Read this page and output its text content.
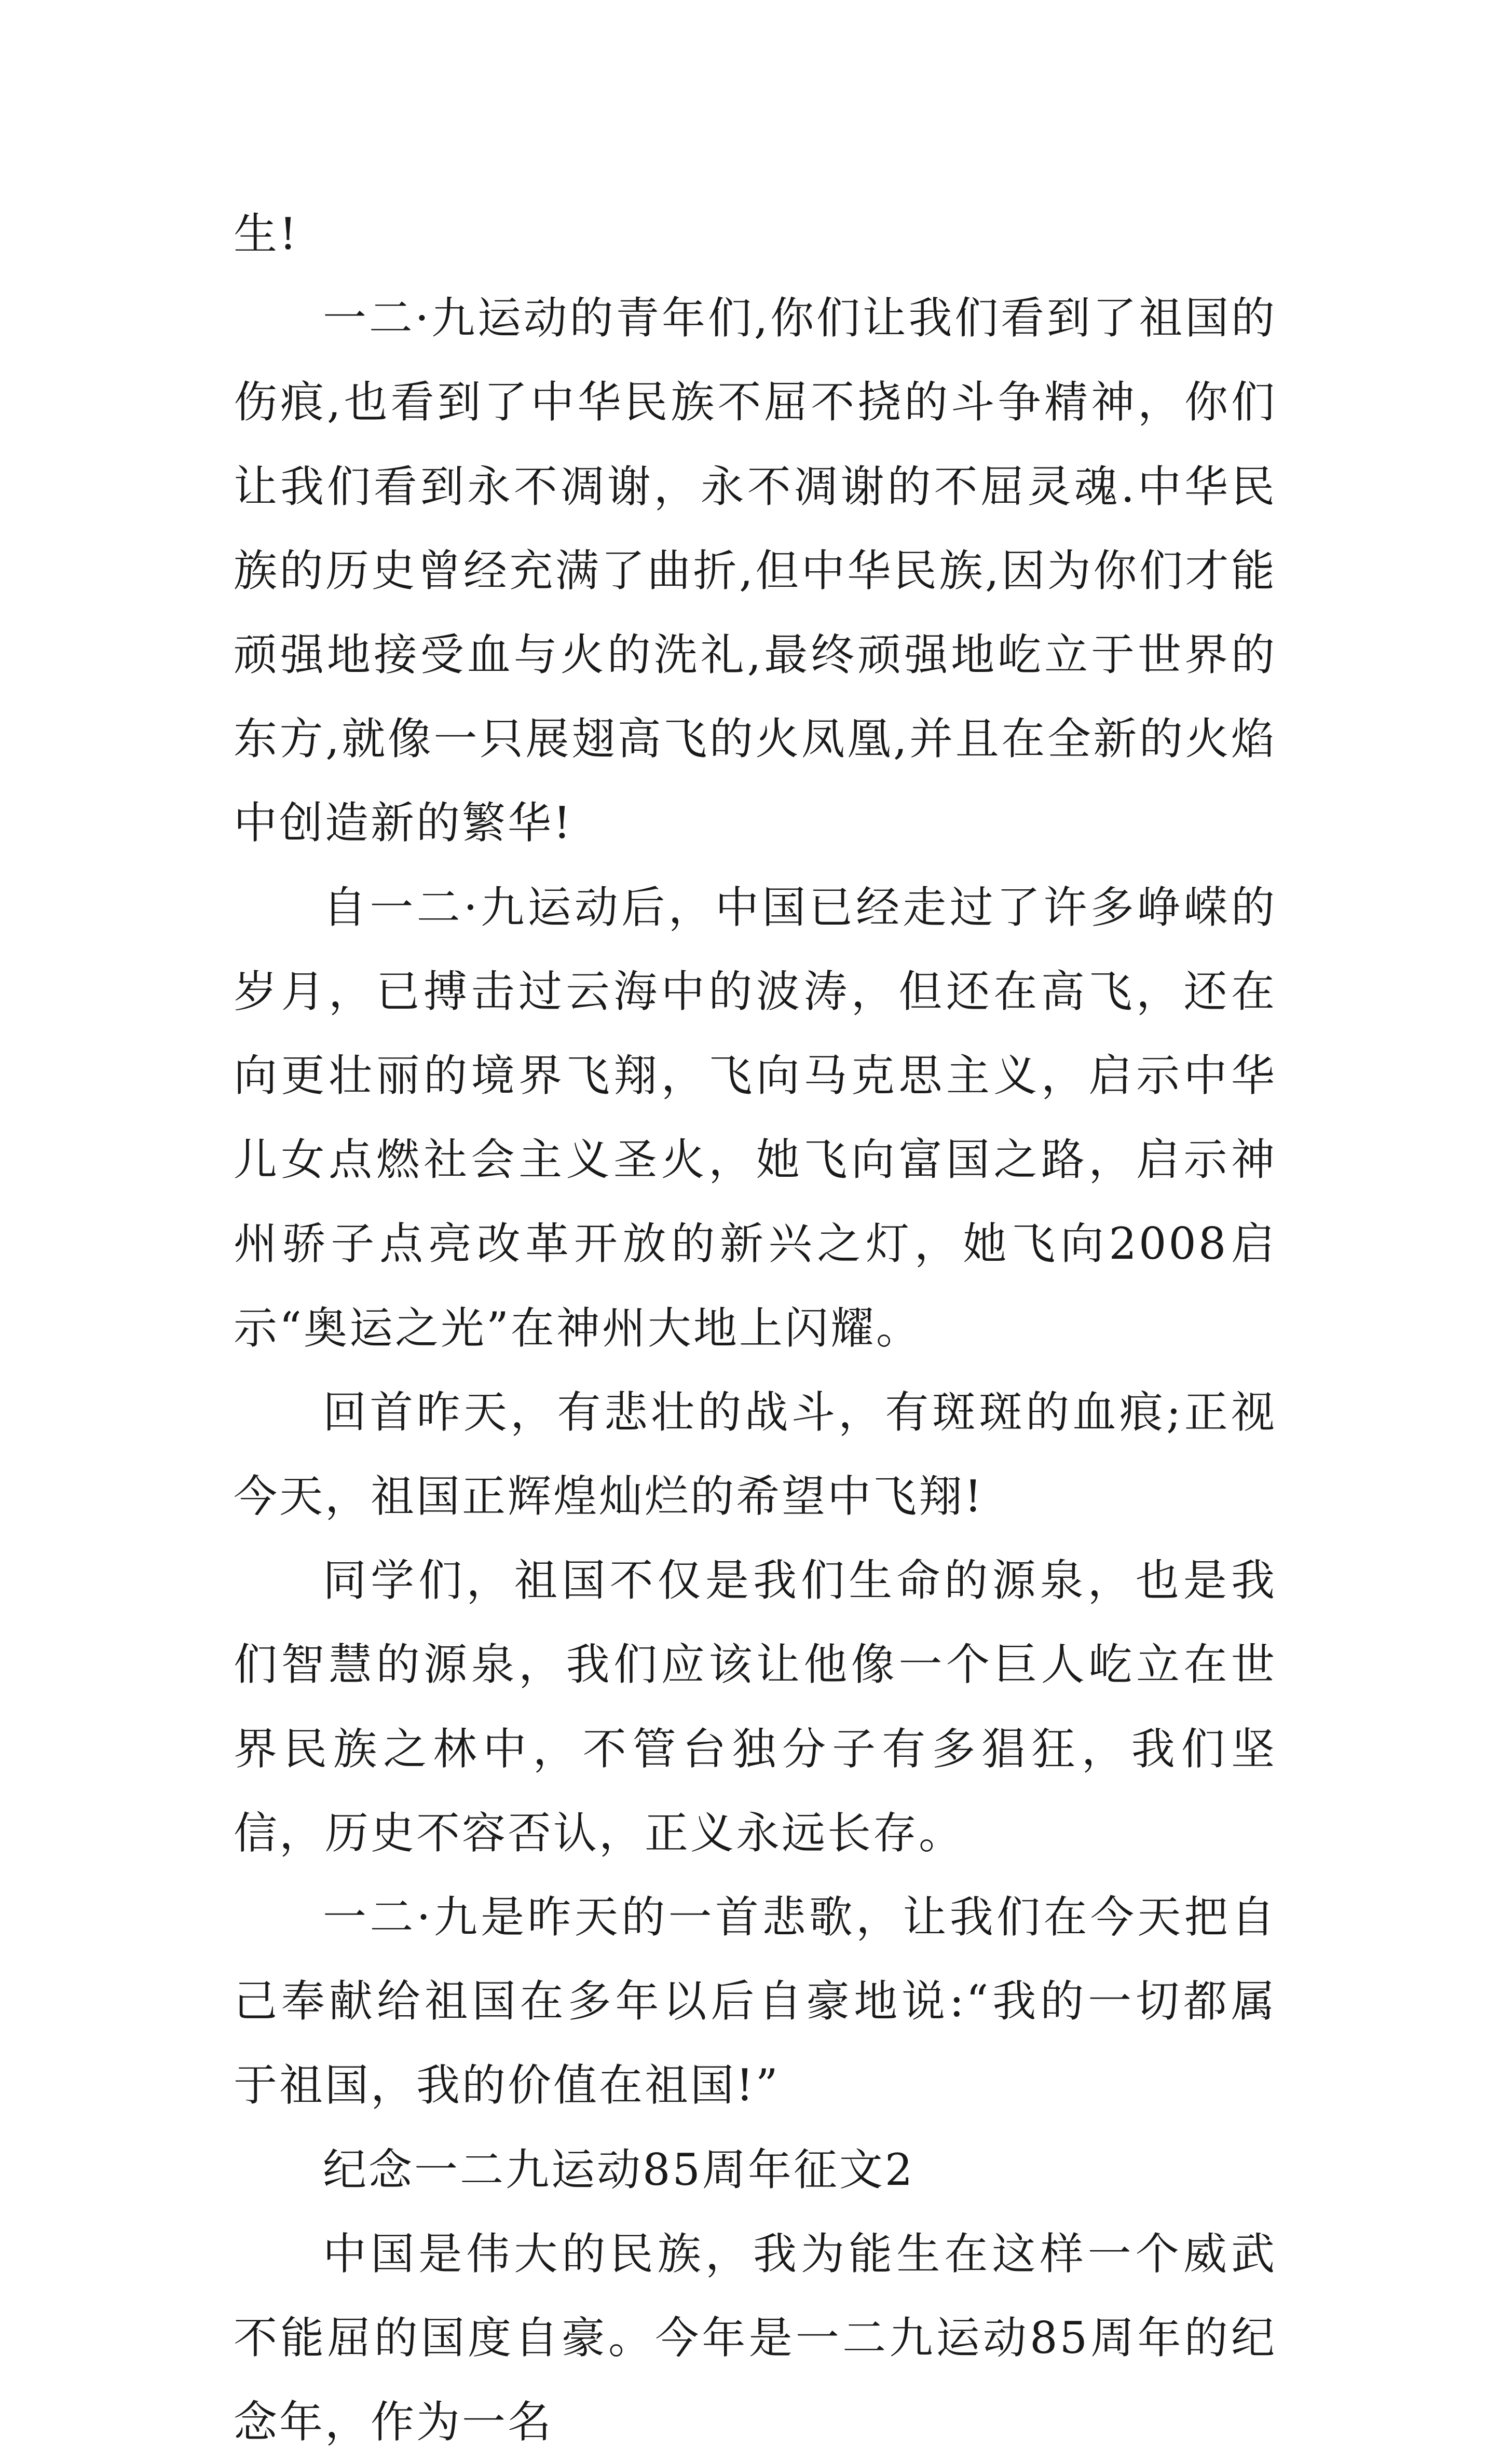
生!

一二·九运动的青年们,你们让我们看到了祖国的伤痕,也看到了中华民族不屈不挠的斗争精神，你们让我们看到永不凋谢，永不凋谢的不屈灵魂.中华民族的历史曾经充满了曲折,但中华民族,因为你们才能顽强地接受血与火的洗礼,最终顽强地屹立于世界的东方,就像一只展翅高飞的火凤凰,并且在全新的火焰中创造新的繁华!

自一二·九运动后，中国已经走过了许多峥嵘的岁月，已搏击过云海中的波涛，但还在高飞，还在向更壮丽的境界飞翔，飞向马克思主义，启示中华儿女点燃社会主义圣火，她飞向富国之路，启示神州骄子点亮改革开放的新兴之灯，她飞向2008启示“奥运之光”在神州大地上闪耀。

回首昨天，有悲壮的战斗，有斑斑的血痕;正视今天，祖国正辉煌灿烂的希望中飞翔!

同学们，祖国不仅是我们生命的源泉，也是我们智慧的源泉，我们应该让他像一个巨人屹立在世界民族之林中，不管台独分子有多猖狂，我们坚信，历史不容否认，正义永远长存。

一二·九是昨天的一首悲歌，让我们在今天把自己奉献给祖国在多年以后自豪地说:“我的一切都属于祖国，我的价值在祖国!”

纪念一二九运动85周年征文2

中国是伟大的民族，我为能生在这样一个威武不能屈的国度自豪。今年是一二九运动85周年的纪念年，作为一名
